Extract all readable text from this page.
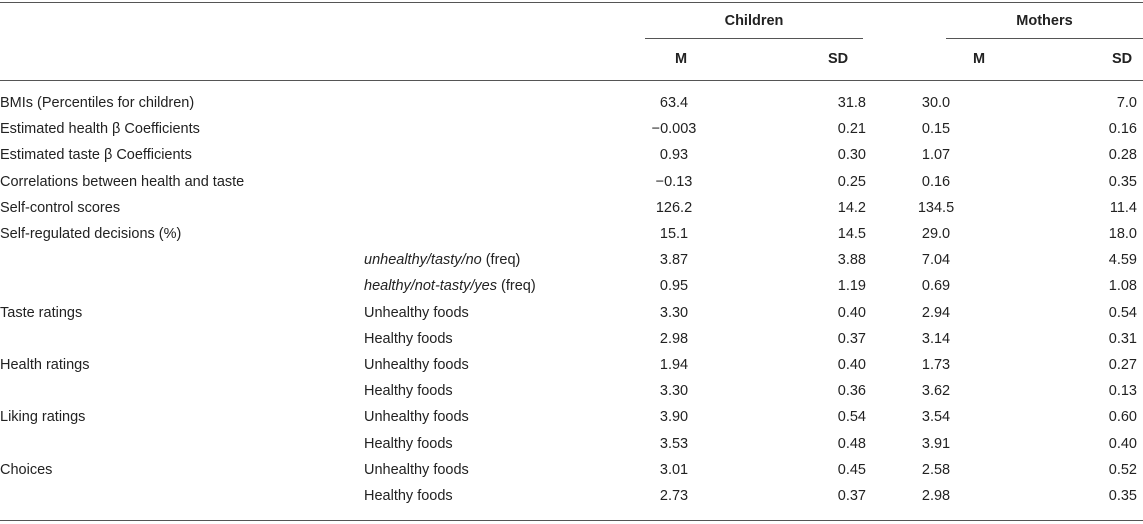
Children	Mothers
M	SD	M	SD
BMIs (Percentiles for children)			63.4	31.8	30.0	7.0
Estimated health β Coefficients			−0.003	0.21	0.15	0.16
Estimated taste β Coefficients			0.93	0.30	1.07	0.28
Correlations between health and taste			−0.13	0.25	0.16	0.35
Self-control scores			126.2	14.2	134.5	11.4
Self-regulated decisions (%)			15.1	14.5	29.0	18.0
	unhealthy/tasty/no (freq)		3.87	3.88	7.04	4.59
	healthy/not-tasty/yes (freq)		0.95	1.19	0.69	1.08
Taste ratings	Unhealthy foods		3.30	0.40	2.94	0.54
	Healthy foods		2.98	0.37	3.14	0.31
Health ratings	Unhealthy foods		1.94	0.40	1.73	0.27
	Healthy foods		3.30	0.36	3.62	0.13
Liking ratings	Unhealthy foods		3.90	0.54	3.54	0.60
	Healthy foods		3.53	0.48	3.91	0.40
Choices	Unhealthy foods		3.01	0.45	2.58	0.52
	Healthy foods		2.73	0.37	2.98	0.35
